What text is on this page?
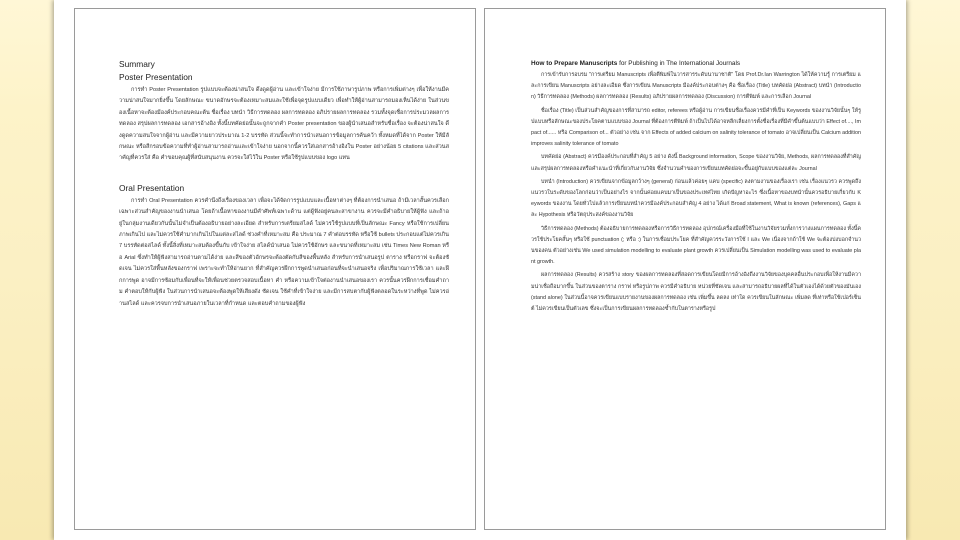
Summary
Poster Presentation

การทำ Poster Presentation รูปแบบจะต้องน่าสนใจ ดึงดูดผู้อ่าน และเข้าใจง่าย มีการใช้ภาษารูปภาพ หรือการเพิ่มต่างๆ เพื่อให้งานมีความน่าสนใจมากยิ่งขึ้น โดยลักษณะ ขนาดอักษรจะต้องเหมาะสมและใช้เพื่อจุดรูปแบบเดียว เพื่อทำให้ผู้อ่านสามารถมองเห็นได้ง่าย ในส่วนของเนื้อหาจะต้องมีองค์ประกอบคณะต้น ชื่อเรื่อง บทนำ วิธีการทดลอง ผลการทดลอง อภิปรายผลการทดลอง รวมทั้งจุดเชื่อการประมวลผลการทดลอง สรุปผลการทดลอง เอกสารอ้างอิง ทั้งนี้บทคัดย่อนั้นจะถูกจากคำ Poster presentation ของผู้นำเสนอสำหรับชื่อเรื่อง จะต้องน่าสนใจ ดึงดูดความสนใจจากผู้อ่าน และมีความยาวประมาณ 1-2 บรรทัด ส่วนนี้จะทำการนำเสนอการข้อมูลการค้นคว้า ทั้งหมดที่ได้จาก Poster ให้มีลักษณะ หรือสีกรอบข้อความที่ทำผู้อ่านสามารถอ่านและเข้าใจง่าย นอกจากนี้ควรใส่เอกสารอ้างอิงใน Poster อย่างน้อย 5 citations และส่วนสำคัญที่ควรใส่ คือ คำขอบคุณผู้ที่สนับสนุนงาน ควรจะใส่ไว้ใน Poster หรือใช้รูปแบบของ logo แทน

Oral Presentation

การทำ Oral Presentation ควรคำนึงถึงเรื่องของเวลา เพื่อจะได้จัดการรูปแบบและเนื้อหาต่างๆ ที่ต้องการนำเสนอ ถ้ามีเวลาสั้นควรเลือกเฉพาะส่วนสำคัญของงานนำเสนอ โดยถ้าเนื้อหาของงานมีคำศัพท์เฉพาะด้าน แต่ผู้ฟังอยู่คนละสาขางาน ควรจะมีคำอธิบายให้ผู้ฟัง และถ้าอยู่ในกลุ่มงานเดียวกันนั้นไม่จำเป็นต้องอธิบายอย่างละเอียด สำหรับการเตรียมสไลด์ ไม่ควรใช้รูปแบบที่เป็นลักษณะ Fancy หรือใช้การเปลี่ยนภาพเกินไป และไม่ควรใช้คำมากเกินไปในแต่ละสไลด์ ช่วงคำที่เหมาะสม คือ ประมาณ 7 คำต่อบรรทัด หรือใช้ bullets ประกอบแต่ไม่ควรเกิน 7 บรรทัดต่อสไลด์ ทั้งนี้สิ่งที่เหมาะสมต้องขึ้นกับ เข้าใจง่าย สไลด์นำเสนอ ไม่ควรใช้อักษร และขนาดที่เหมาะสม เช่น Times New Roman หรือ Arial ซึ่งทำให้ผู้ฟังสามารถอ่านตามได้ง่าย และสีของตัวอักษรจะต้องตัดกับสีของพื้นหลัง สำหรับการนำเสนอรูป ตาราง หรือกราฟ จะต้องชัดเจน ไม่ควรใส่พื้นหลังของกราฟ เพราะจะทำให้อ่านยาก ที่สำคัญควรฝึกการพูดนำเสนอก่อนที่จะนำเสนอจริง เพื่อปริมาณการใช้เวลา และฝึกการพูด อาจมีการซ้อมกับเพื่อนที่จะให้เพื่อนช่วยตรวจสอบเนื้อหา คำ หรือความเข้าใจต่องานนำเสนอของเรา ควรนั้นควรฝึกการเชื่อมคำถาม คำตอบให้กับผู้ฟัง ในส่วนการนำเสนอจะต้องพูดให้เสียงดัง ชัดเจน ใช้คำที่เข้าใจง่าย และมีการสบตากับผู้ฟังตลอดในระหว่างที่พูด ไม่ควรอ่านสไลด์ และควรจบการนำเสนอภายในเวลาที่กำหนด และตอบคำถามของผู้ฟัง

How to Prepare Manuscripts for Publishing in The International Journals

การเข้ารับการอบรม "การเตรียม Manuscripts เพื่อตีพิมพ์ในวารสารระดับนานาชาติ" โดย Prof.Dr.Ian Warrington ได้ให้ความรู้ การเตรียม และการเขียน Manuscripts อย่างละเอียด ซึ่งการเขียน Manuscripts มีองค์ประกอบต่างๆ คือ ชื่อเรื่อง (Title) บทคัดย่อ (Abstract) บทนำ (Introduction) วิธีการทดลอง (Methods) ผลการทดลอง (Results) อภิปรายผลการทดลอง (Discussion) การตีพิมพ์ และการเลือก Journal

ชื่อเรื่อง (Title) เป็นส่วนสำคัญของการที่สามารถ editor, referees หรือผู้อ่าน การเขียนชื่อเรื่องควรมีคำที่เป็น Keywords ของงานวิจัยนั้นๆ ให้รูปแบบหรือลักษณะของประโยคตามแบบของ Journal ที่ต้องการตีพิมพ์ ถ้าเป็นไปได้อาจหลีกเลี่ยงการตั้งชื่อเรื่องที่มีคำขึ้นต้นแบบว่า Effect of...., Impact of...... หรือ Comparison of... ตัวอย่าง เช่น จาก Effects of added calcium on salinity tolerance of tomato อาจเปลี่ยนเป็น Calcium addition improves salinity tolerance of tomato

บทคัดย่อ (Abstract) ควรมีองค์ประกอบที่สำคัญ 5 อย่าง ดังนี้ Background information, Scope ของงานวิจัย, Methods, ผลการทดลองที่สำคัญ และสรุปผลการทดลองหรือคำแนะนำที่เกี่ยวกับงานวิจัย ซึ่งจำนวนคำของการเขียนบทคัดย่อจะขึ้นอยู่กับแบบของแต่ละ Journal

บทนำ (Introduction) ควรเขียนจากข้อมูลกว้างๆ (general) ก่อนแล้วค่อยๆ แคบ (specific) ลงตามงานของเรื่องเรา เช่น เรื่องแนวรว ควรพูดถึงแนวรวในระดับของโลกก่อนว่าเป็นอย่างไร จากนั้นค่อยแคบมาเป็นของประเทศไทย เกิดปัญหาอะไร ซึ่งเนื้อหาของบทนำนั้นควรอธิบายเกี่ยวกับ Keywords ของงาน โดยทั่วไปแล้วการเขียนบทนำควรมีองค์ประกอบสำคัญ 4 อย่าง ได้แก่ Broad statement, What is known (references), Gaps และ Hypothesis หรือวัตถุประสงค์ของงานวิจัย

วิธีการทดลอง (Methods) ต้องอธิบายการทดลองหรือการวิธีการทดลอง อุปกรณ์เครื่องมือที่ใช้ในงานวิจัยรวมทั้งการวางแผนการทดลอง ทั้งนี้ควรใช้ประโยคสั้นๆ หรือใช้ punctuation (; หรือ :) ในการเชื่อมประโยค ที่สำคัญควรระวังการใช้ I และ We เนื่องจากถ้าใช้ We จะต้องบ่งบอกจำนวนของคน ตัวอย่างเช่น We used simulation modelling to evaluate plant growth ควรเปลี่ยนเป็น Simulation modelling was used to evaluate plant growth.

ผลการทดลอง (Results) ควรสร้าง story ของผลการทดลองที่สอดการเขียนโดยมีการอ้างอิงถึงงานวิจัยของบุคคลอื่นประกอบเพื่อให้งานมีความน่าเชื่อถือมากขึ้น ในส่วนของตาราง กราฟ หรือรูปภาพ ควรมีคำอธิบาย หน่วยที่ชัดเจน และสามารถอธิบายผลที่ได้ในตัวเองได้ด้วยตัวของมันเอง (stand alone) ในส่วนนี้อาจควรเขียนแบบรายงานของผลการทดลอง เช่น เพิ่มขึ้น ลดลง เท่าใด ควรเขียนในลักษณะ เพิ่มลด ที่เท่าหรือใช้เปอร์เซ็นต์ ไม่ควรเขียนเป็นตัวเลข ซึ่งจะเป็นการเขียนผลการทดลองซ้ำกับในตารางหรือรูป
